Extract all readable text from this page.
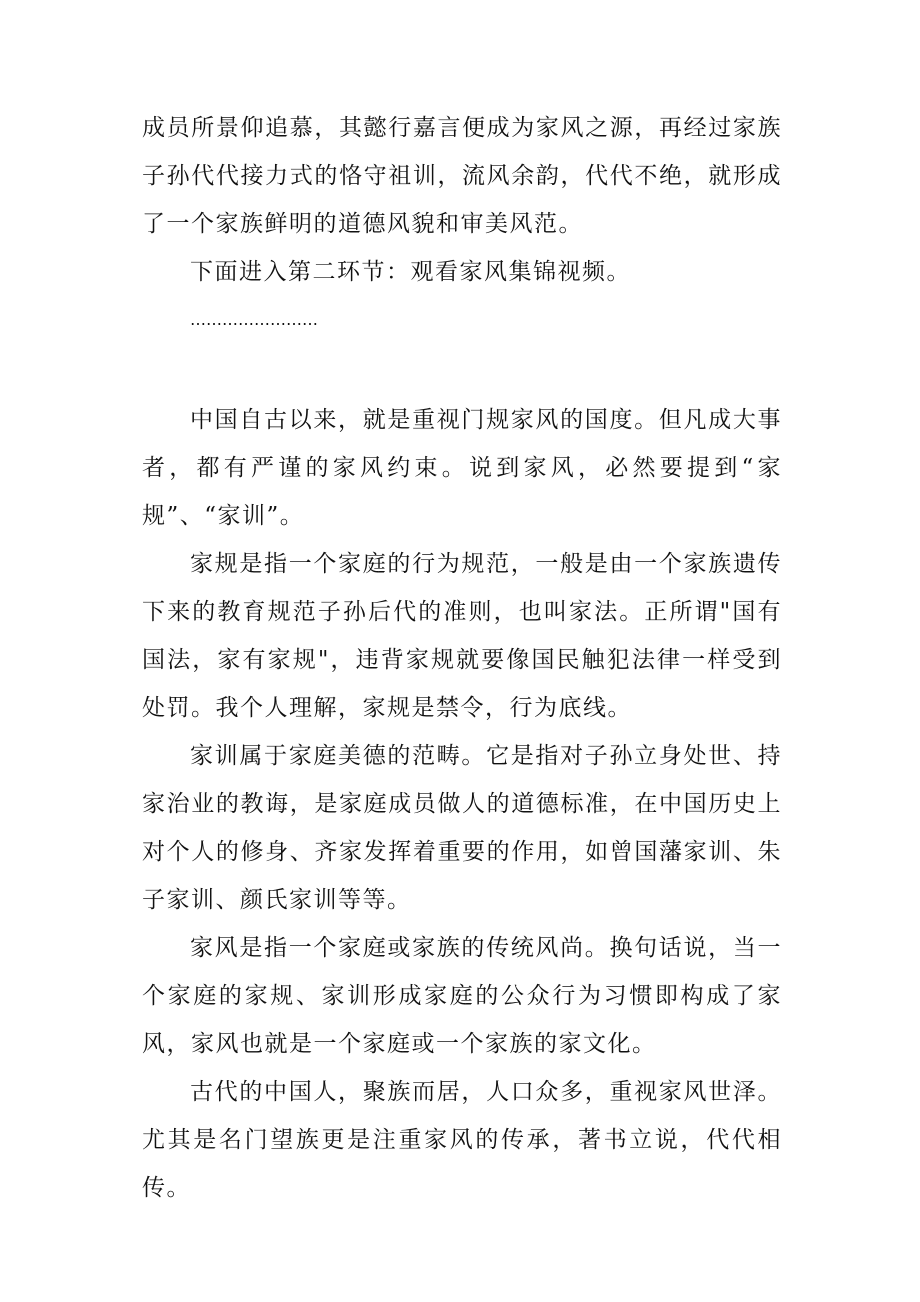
成员所景仰追慕，其懿行嘉言便成为家风之源，再经过家族子孙代代接力式的恪守祖训，流风余韵，代代不绝，就形成了一个家族鲜明的道德风貌和审美风范。

下面进入第二环节：观看家风集锦视频。

……………………

中国自古以来，就是重视门规家风的国度。但凡成大事者，都有严谨的家风约束。说到家风，必然要提到“家规”、“家训”。

家规是指一个家庭的行为规范，一般是由一个家族遗传下来的教育规范子孙后代的准则，也叫家法。正所谓"国有国法，家有家规"，违背家规就要像国民触犯法律一样受到处罚。我个人理解，家规是禁令，行为底线。

家训属于家庭美德的范畴。它是指对子孙立身处世、持家治业的教诲，是家庭成员做人的道德标准，在中国历史上对个人的修身、齐家发挥着重要的作用，如曾国藩家训、朱子家训、颜氏家训等等。

家风是指一个家庭或家族的传统风尚。换句话说，当一个家庭的家规、家训形成家庭的公众行为习惯即构成了家风，家风也就是一个家庭或一个家族的家文化。

古代的中国人，聚族而居，人口众多，重视家风世泽。尤其是名门望族更是注重家风的传承，著书立说，代代相传。
